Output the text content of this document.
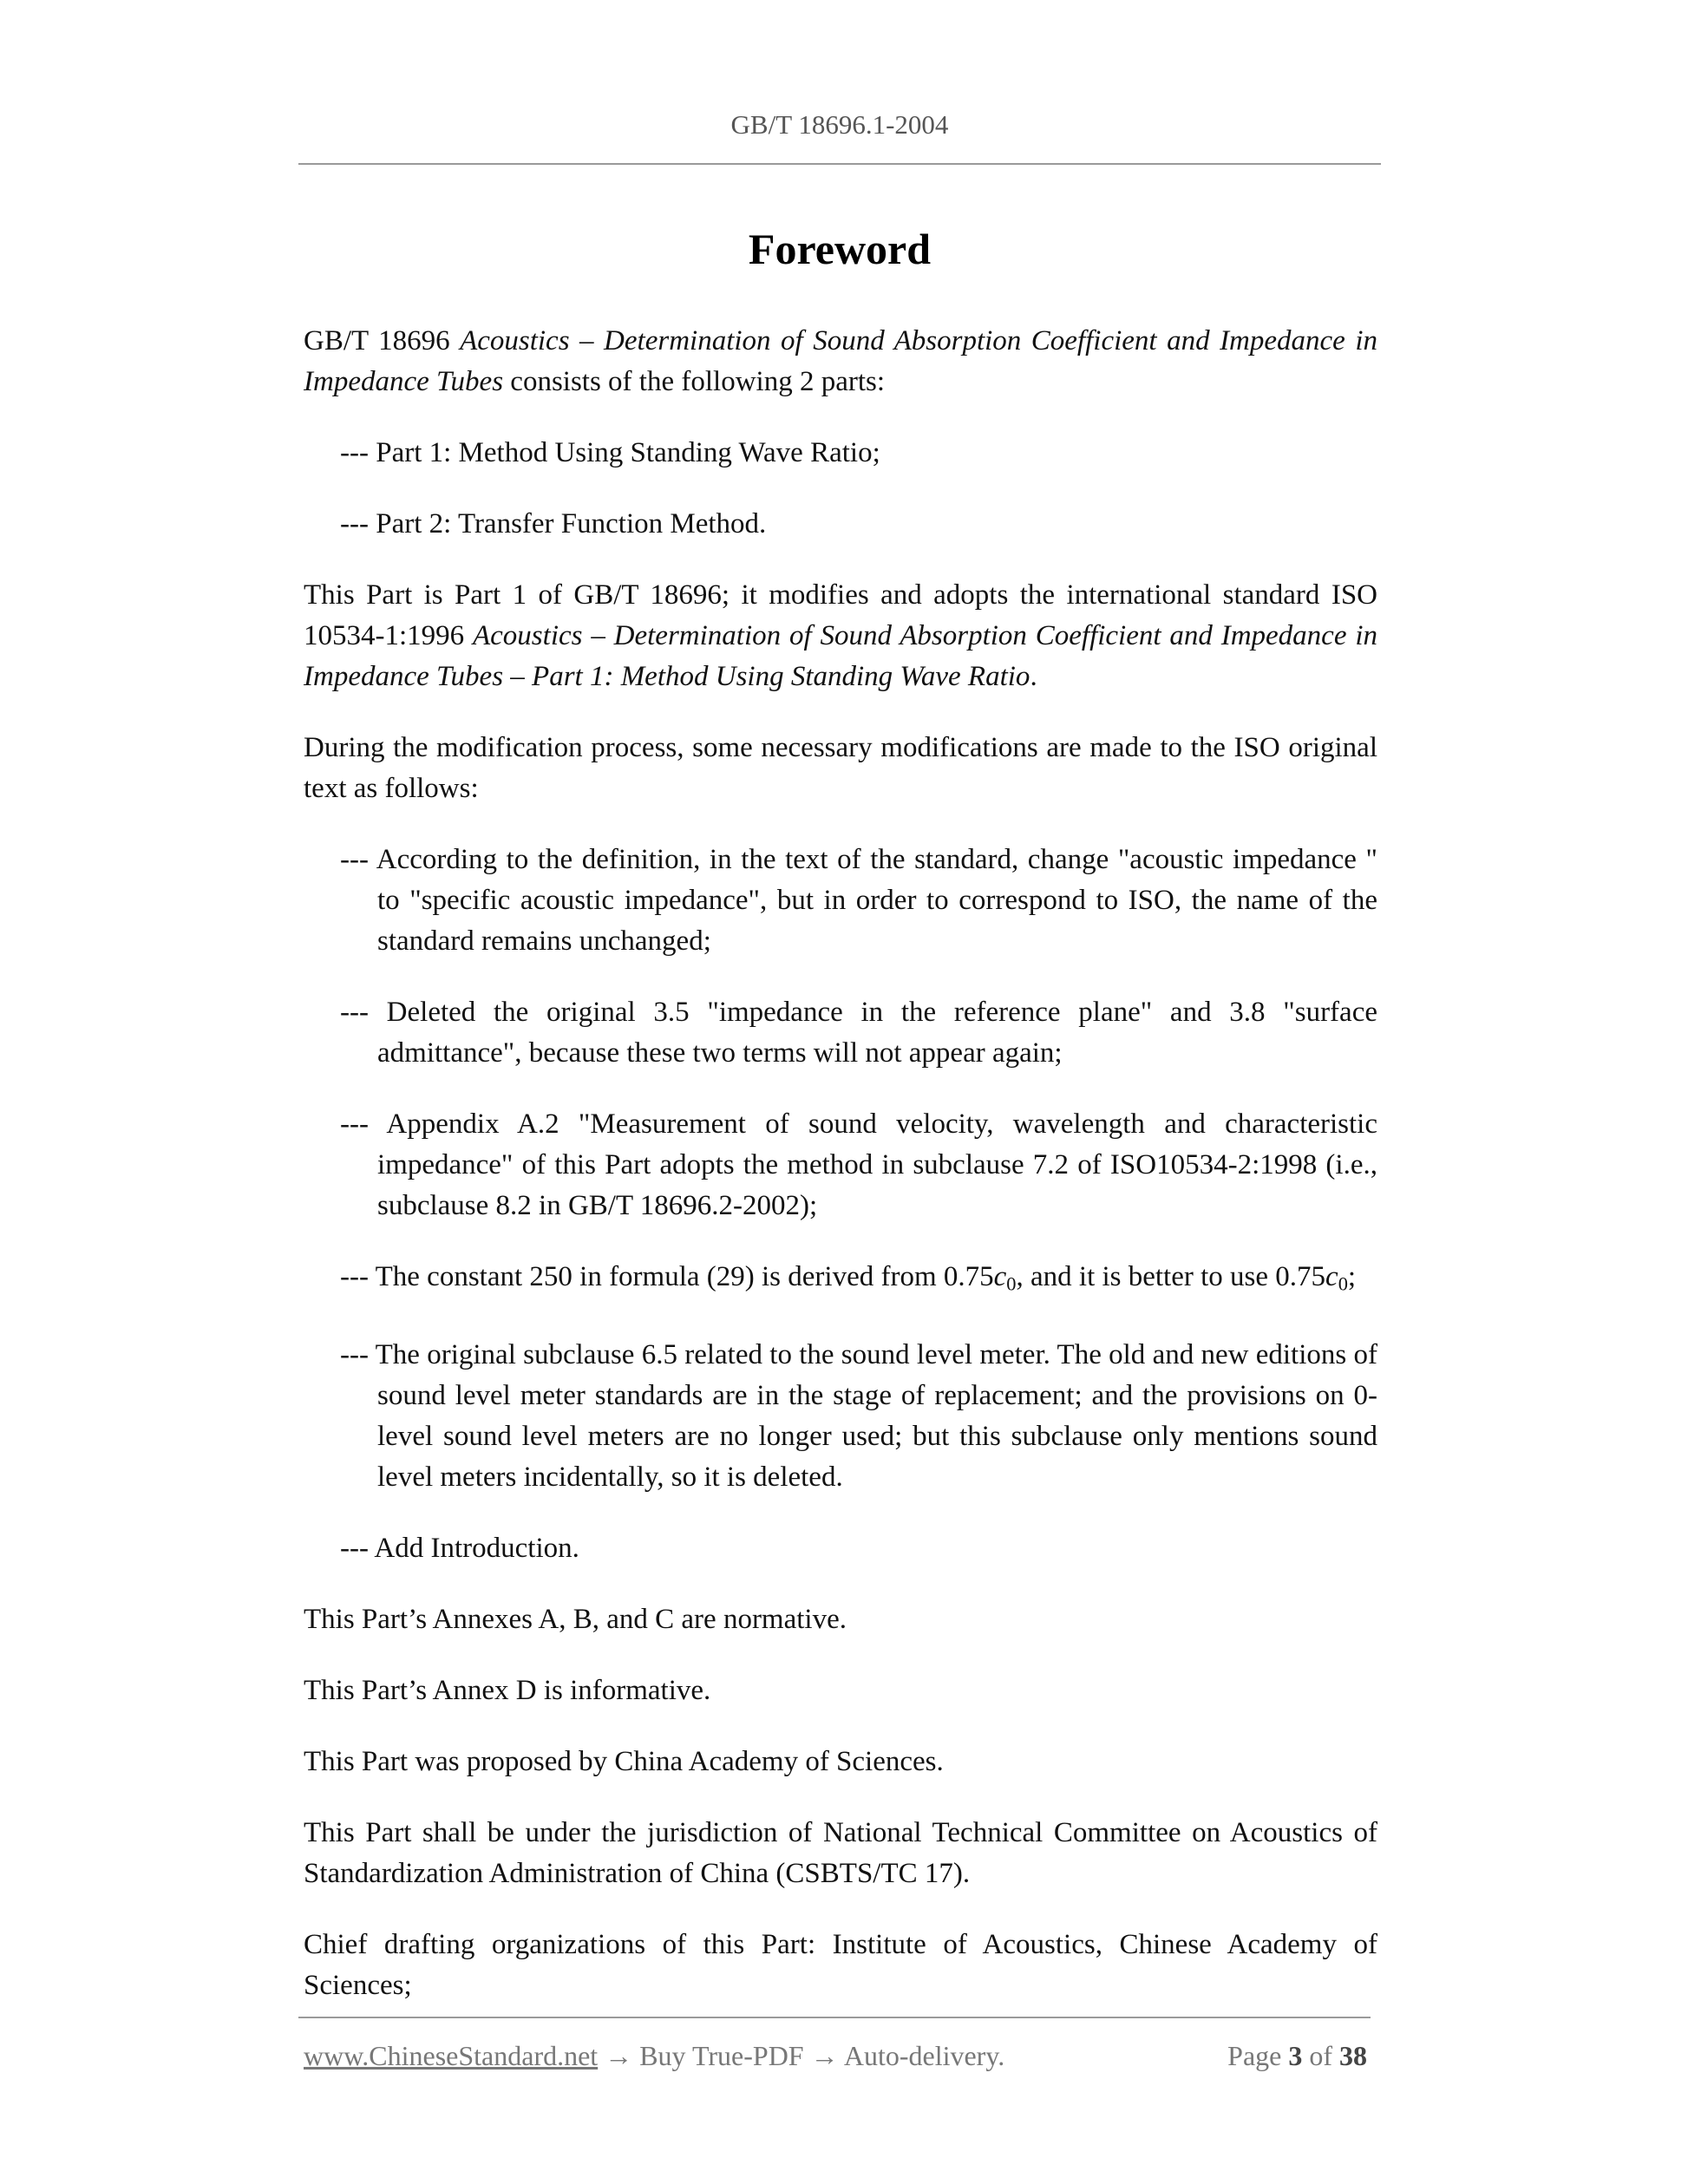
GB/T 18696.1-2004
Foreword

GB/T 18696 Acoustics – Determination of Sound Absorption Coefficient and Impedance in Impedance Tubes consists of the following 2 parts:

--- Part 1: Method Using Standing Wave Ratio;

--- Part 2: Transfer Function Method.

This Part is Part 1 of GB/T 18696; it modifies and adopts the international standard ISO 10534-1:1996 Acoustics – Determination of Sound Absorption Coefficient and Impedance in Impedance Tubes – Part 1: Method Using Standing Wave Ratio.

During the modification process, some necessary modifications are made to the ISO original text as follows:

--- According to the definition, in the text of the standard, change "acoustic impedance " to "specific acoustic impedance", but in order to correspond to ISO, the name of the standard remains unchanged;

--- Deleted the original 3.5 "impedance in the reference plane" and 3.8 "surface admittance", because these two terms will not appear again;

--- Appendix A.2 "Measurement of sound velocity, wavelength and characteristic impedance" of this Part adopts the method in subclause 7.2 of ISO10534-2:1998 (i.e., subclause 8.2 in GB/T 18696.2-2002);

--- The constant 250 in formula (29) is derived from $0.75c_0$, and it is better to use $0.75c_0$;

--- The original subclause 6.5 related to the sound level meter. The old and new editions of sound level meter standards are in the stage of replacement; and the provisions on 0-level sound level meters are no longer used; but this subclause only mentions sound level meters incidentally, so it is deleted.

--- Add Introduction.

This Part’s Annexes A, B, and C are normative.

This Part’s Annex D is informative.

This Part was proposed by China Academy of Sciences.

This Part shall be under the jurisdiction of National Technical Committee on Acoustics of Standardization Administration of China (CSBTS/TC 17).

Chief drafting organizations of this Part: Institute of Acoustics, Chinese Academy of Sciences;

www.ChineseStandard.net → Buy True-PDF → Auto-delivery.	Page 3 of 38
